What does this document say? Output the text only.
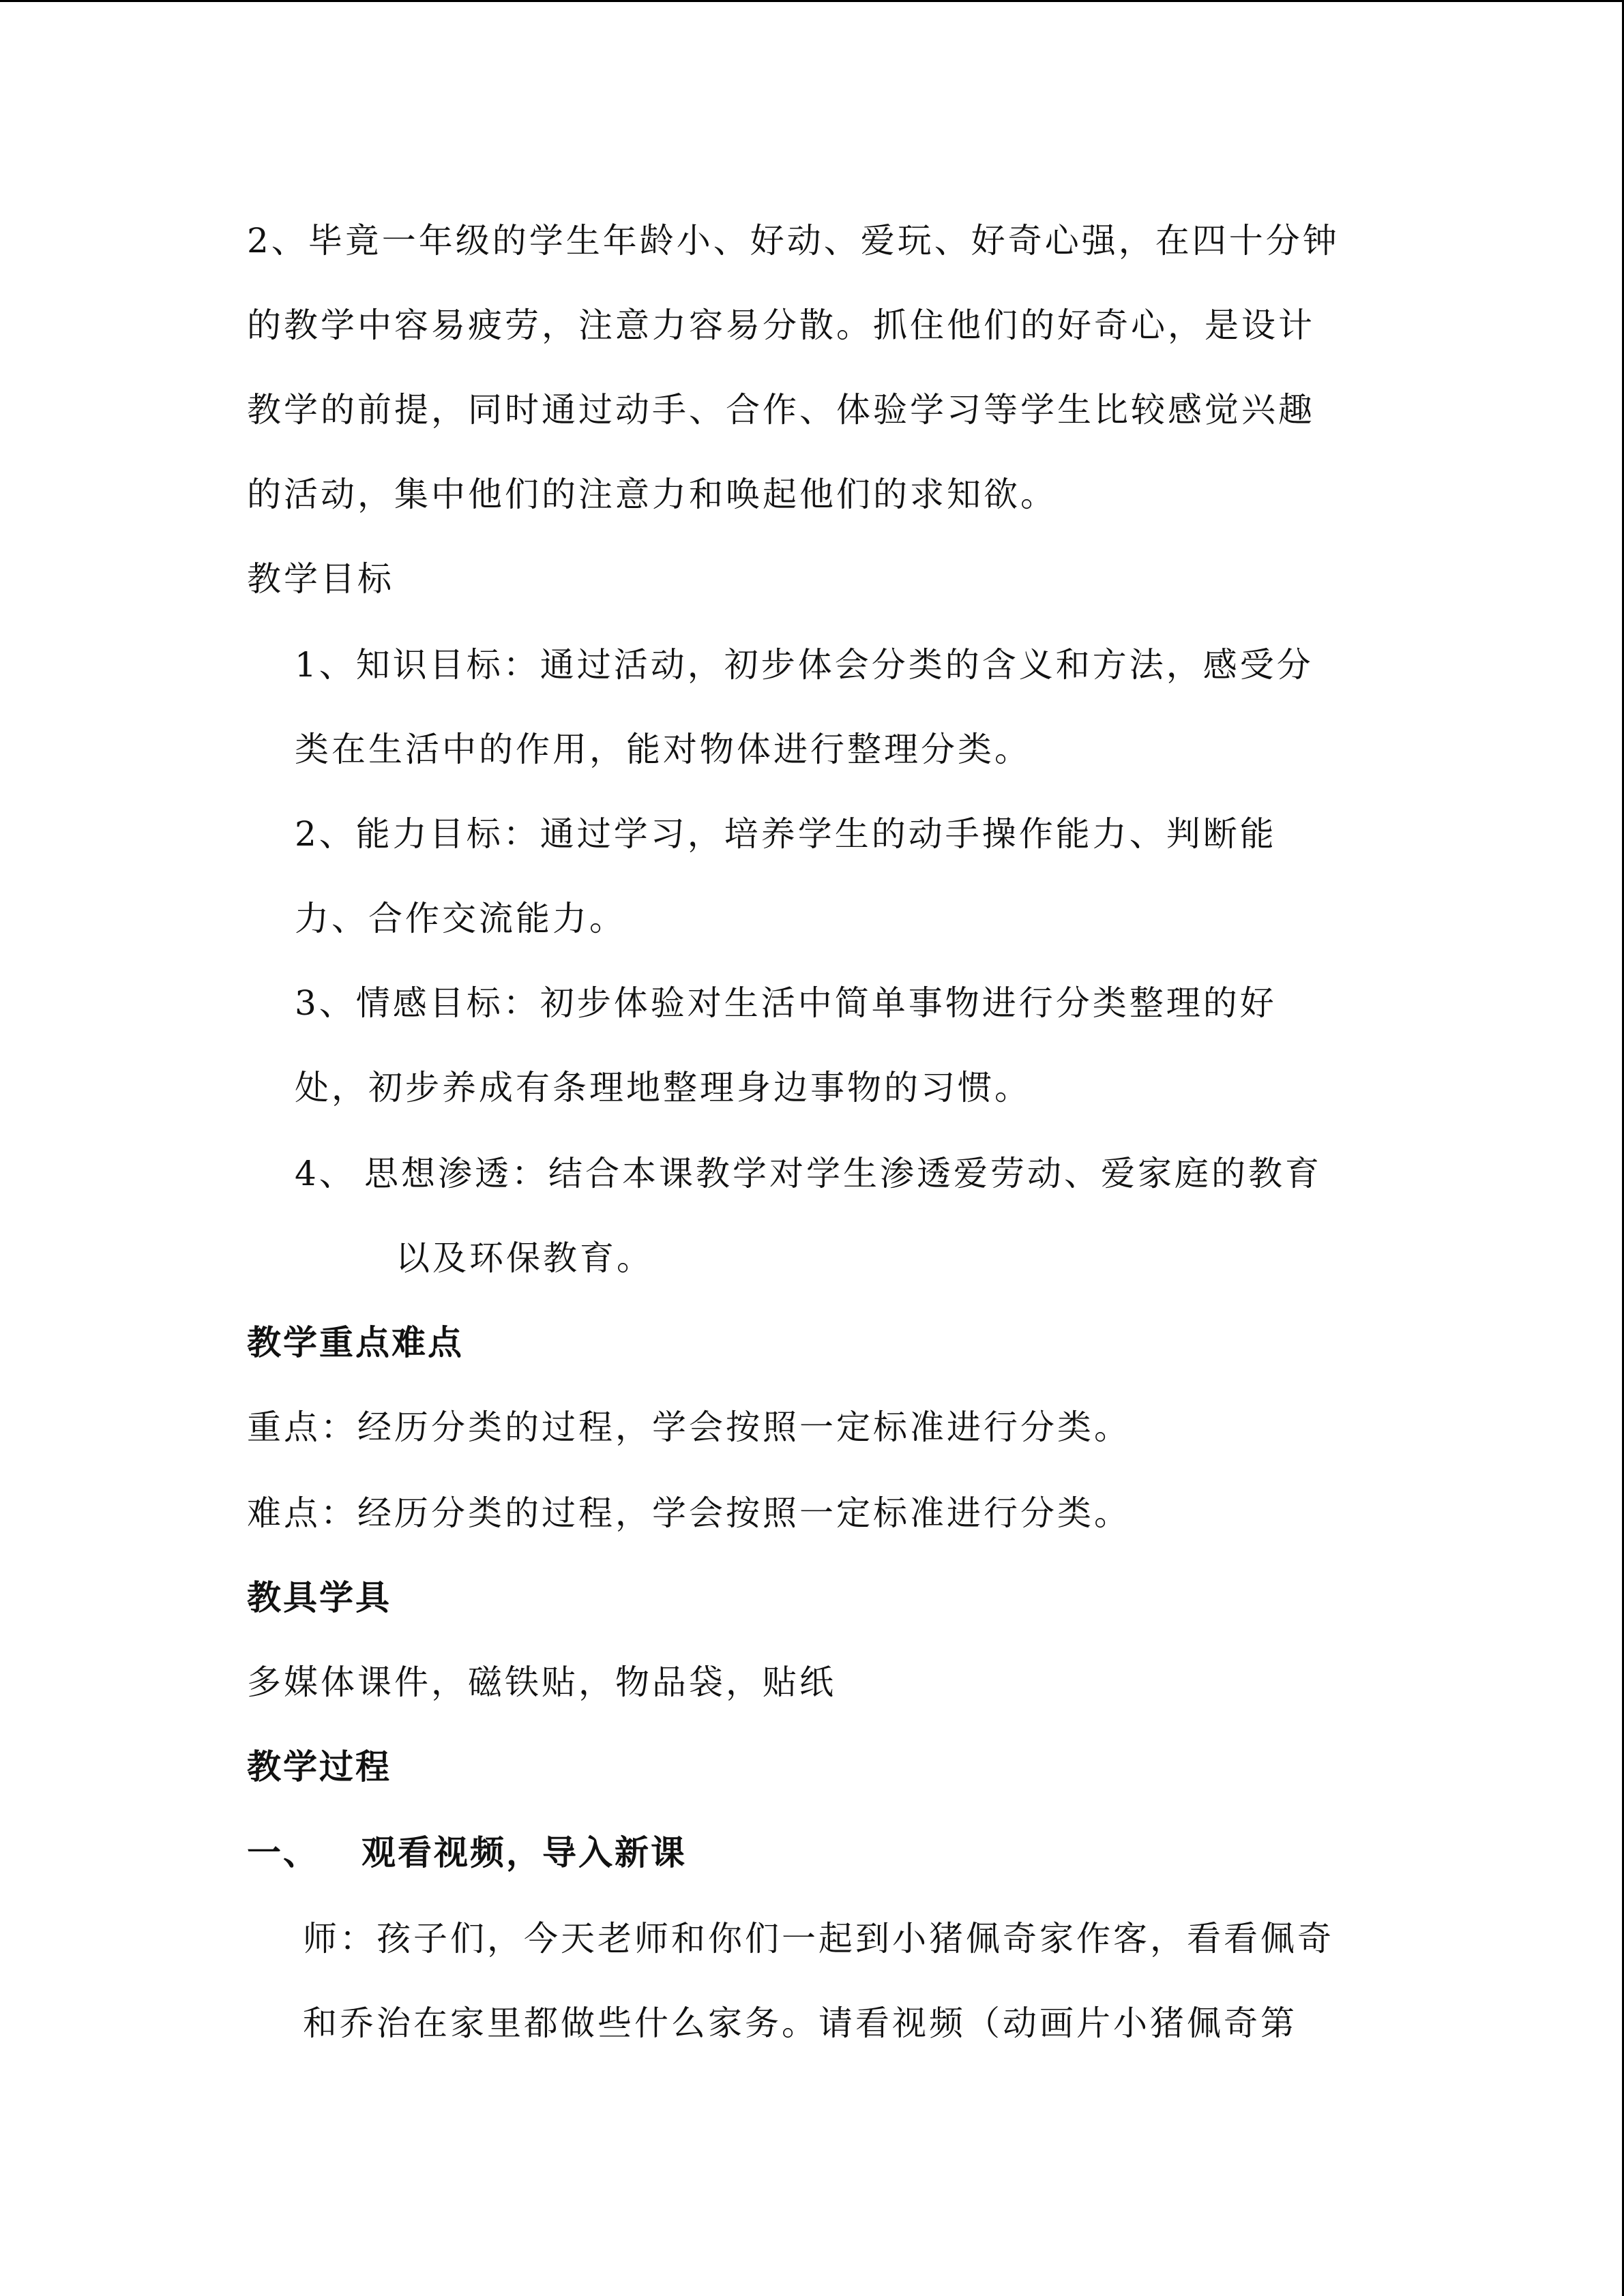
2、毕竟一年级的学生年龄小、好动、爱玩、好奇心强，在四十分钟
的教学中容易疲劳，注意力容易分散。抓住他们的好奇心，是设计
教学的前提，同时通过动手、合作、体验学习等学生比较感觉兴趣
的活动，集中他们的注意力和唤起他们的求知欲。
教学目标
1、知识目标：通过活动，初步体会分类的含义和方法，感受分
类在生活中的作用，能对物体进行整理分类。
2、能力目标：通过学习，培养学生的动手操作能力、判断能
力、合作交流能力。
3、情感目标：初步体验对生活中简单事物进行分类整理的好
处，初步养成有条理地整理身边事物的习惯。
4、 思想渗透：结合本课教学对学生渗透爱劳动、爱家庭的教育
以及环保教育。
教学重点难点
重点：经历分类的过程，学会按照一定标准进行分类。
难点：经历分类的过程，学会按照一定标准进行分类。
教具学具
多媒体课件，磁铁贴，物品袋，贴纸
教学过程
一、 观看视频，导入新课
师：孩子们，今天老师和你们一起到小猪佩奇家作客，看看佩奇
和乔治在家里都做些什么家务。请看视频（动画片小猪佩奇第
